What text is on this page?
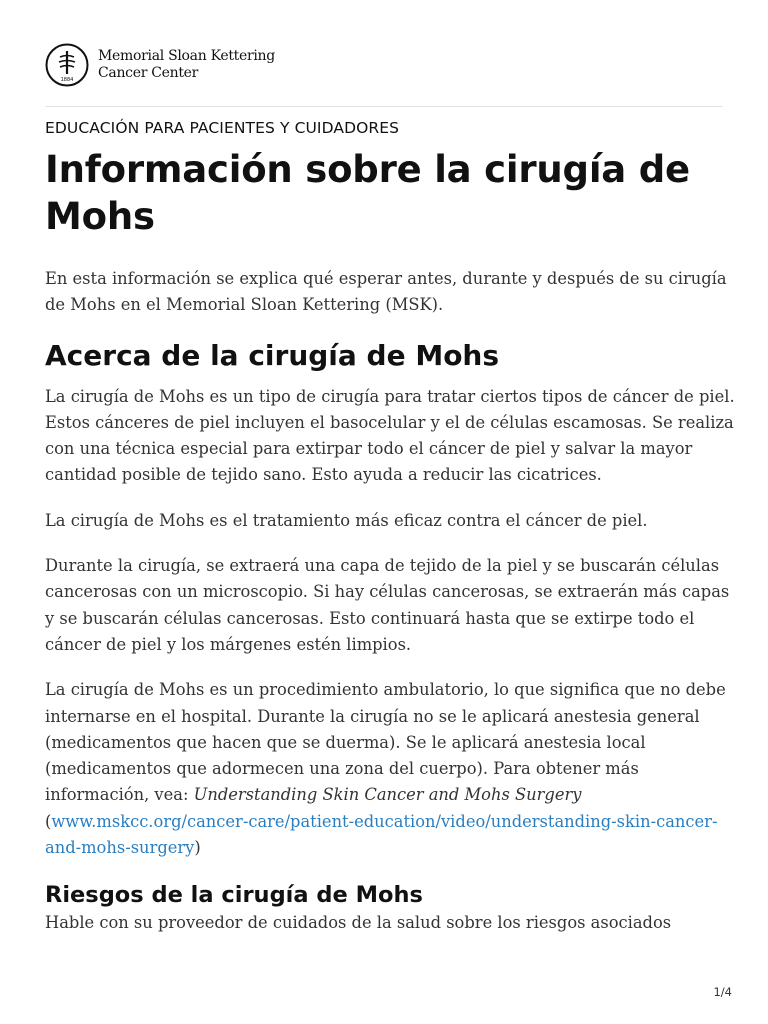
1884
Memorial Sloan Kettering
Cancer Center
EDUCACIÓN PARA PACIENTES Y CUIDADORES
Información sobre la cirugía de Mohs

En esta información se explica qué esperar antes, durante y después de su cirugía de Mohs en el Memorial Sloan Kettering (MSK).

Acerca de la cirugía de Mohs

La cirugía de Mohs es un tipo de cirugía para tratar ciertos tipos de cáncer de piel. Estos cánceres de piel incluyen el basocelular y el de células escamosas. Se realiza con una técnica especial para extirpar todo el cáncer de piel y salvar la mayor cantidad posible de tejido sano. Esto ayuda a reducir las cicatrices.

La cirugía de Mohs es el tratamiento más eficaz contra el cáncer de piel.

Durante la cirugía, se extraerá una capa de tejido de la piel y se buscarán células cancerosas con un microscopio. Si hay células cancerosas, se extraerán más capas y se buscarán células cancerosas. Esto continuará hasta que se extirpe todo el cáncer de piel y los márgenes estén limpios.

La cirugía de Mohs es un procedimiento ambulatorio, lo que significa que no debe internarse en el hospital. Durante la cirugía no se le aplicará anestesia general (medicamentos que hacen que se duerma). Se le aplicará anestesia local (medicamentos que adormecen una zona del cuerpo). Para obtener más información, vea: Understanding Skin Cancer and Mohs Surgery (www.mskcc.org/cancer-care/patient-education/video/understanding-skin-cancer-and-mohs-surgery)

Riesgos de la cirugía de Mohs

Hable con su proveedor de cuidados de la salud sobre los riesgos asociados

1/4
